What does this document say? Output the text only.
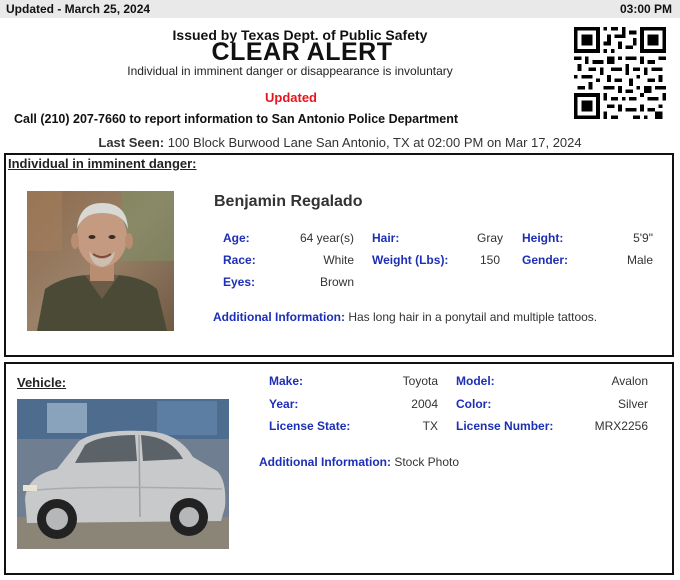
Updated - March 25, 2024	03:00 PM
Issued by Texas Dept. of Public Safety
CLEAR ALERT
Individual in imminent danger or disappearance is involuntary
Updated
Call (210) 207-7660 to report information to San Antonio Police Department
Last Seen: 100 Block Burwood Lane San Antonio, TX at 02:00 PM on Mar 17, 2024
Individual in imminent danger:
Benjamin Regalado
Age:	64 year(s) Hair:	Gray Height:	5'9"
Race:	White Weight (Lbs):	150 Gender:	Male
Eyes:	Brown
Additional Information: Has long hair in a ponytail and multiple tattoos.
Vehicle:	Make:	Toyota Model:	Avalon
Year:	2004 Color:	Silver
License State:	TX License Number:	MRX2256
Additional Information: Stock Photo
